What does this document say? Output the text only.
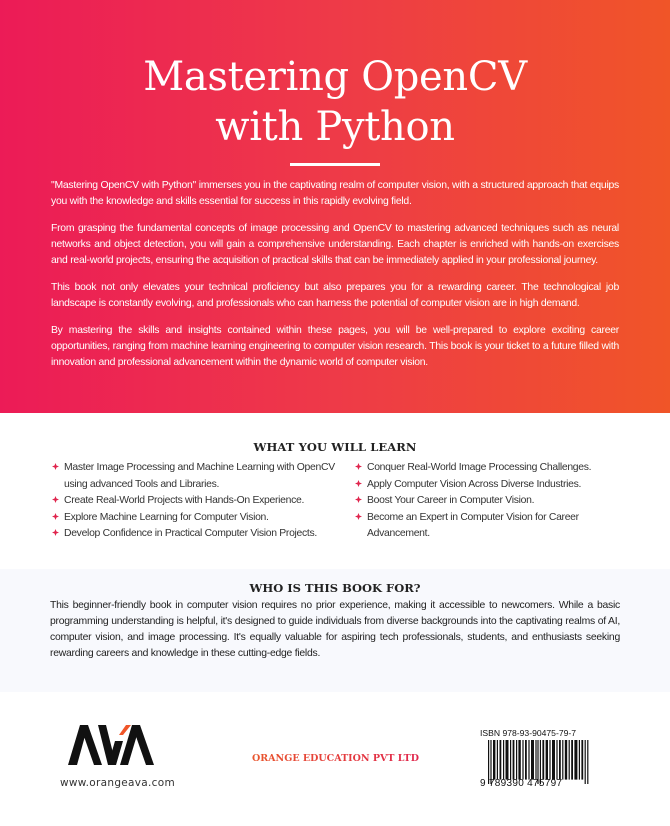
Mastering OpenCV
with Python

"Mastering OpenCV with Python" immerses you in the captivating realm of computer vision, with a structured approach that equips you with the knowledge and skills essential for success in this rapidly evolving field.

From grasping the fundamental concepts of image processing and OpenCV to mastering advanced techniques such as neural networks and object detection, you will gain a comprehensive understanding. Each chapter is enriched with hands-on exercises and real-world projects, ensuring the acquisition of practical skills that can be immediately applied in your professional journey.

This book not only elevates your technical proficiency but also prepares you for a rewarding career. The technological job landscape is constantly evolving, and professionals who can harness the potential of computer vision are in high demand.

By mastering the skills and insights contained within these pages, you will be well-prepared to explore exciting career opportunities, ranging from machine learning engineering to computer vision research. This book is your ticket to a future filled with innovation and professional advancement within the dynamic world of computer vision.

WHAT YOU WILL LEARN
Master Image Processing and Machine Learning with OpenCV using advanced Tools and Libraries.
Create Real-World Projects with Hands-On Experience.
Explore Machine Learning for Computer Vision.
Develop Confidence in Practical Computer Vision Projects.
Conquer Real-World Image Processing Challenges.
Apply Computer Vision Across Diverse Industries.
Boost Your Career in Computer Vision.
Become an Expert in Computer Vision for Career Advancement.
WHO IS THIS BOOK FOR?

This beginner-friendly book in computer vision requires no prior experience, making it accessible to newcomers. While a basic programming understanding is helpful, it's designed to guide individuals from diverse backgrounds into the captivating realms of AI, computer vision, and image processing. It's equally valuable for aspiring tech professionals, students, and enthusiasts seeking rewarding careers and knowledge in these cutting-edge fields.

www.orangeava.com
ORANGE EDUCATION PVT LTD
ISBN 978-93-90475-79-7
9 789390 475797
